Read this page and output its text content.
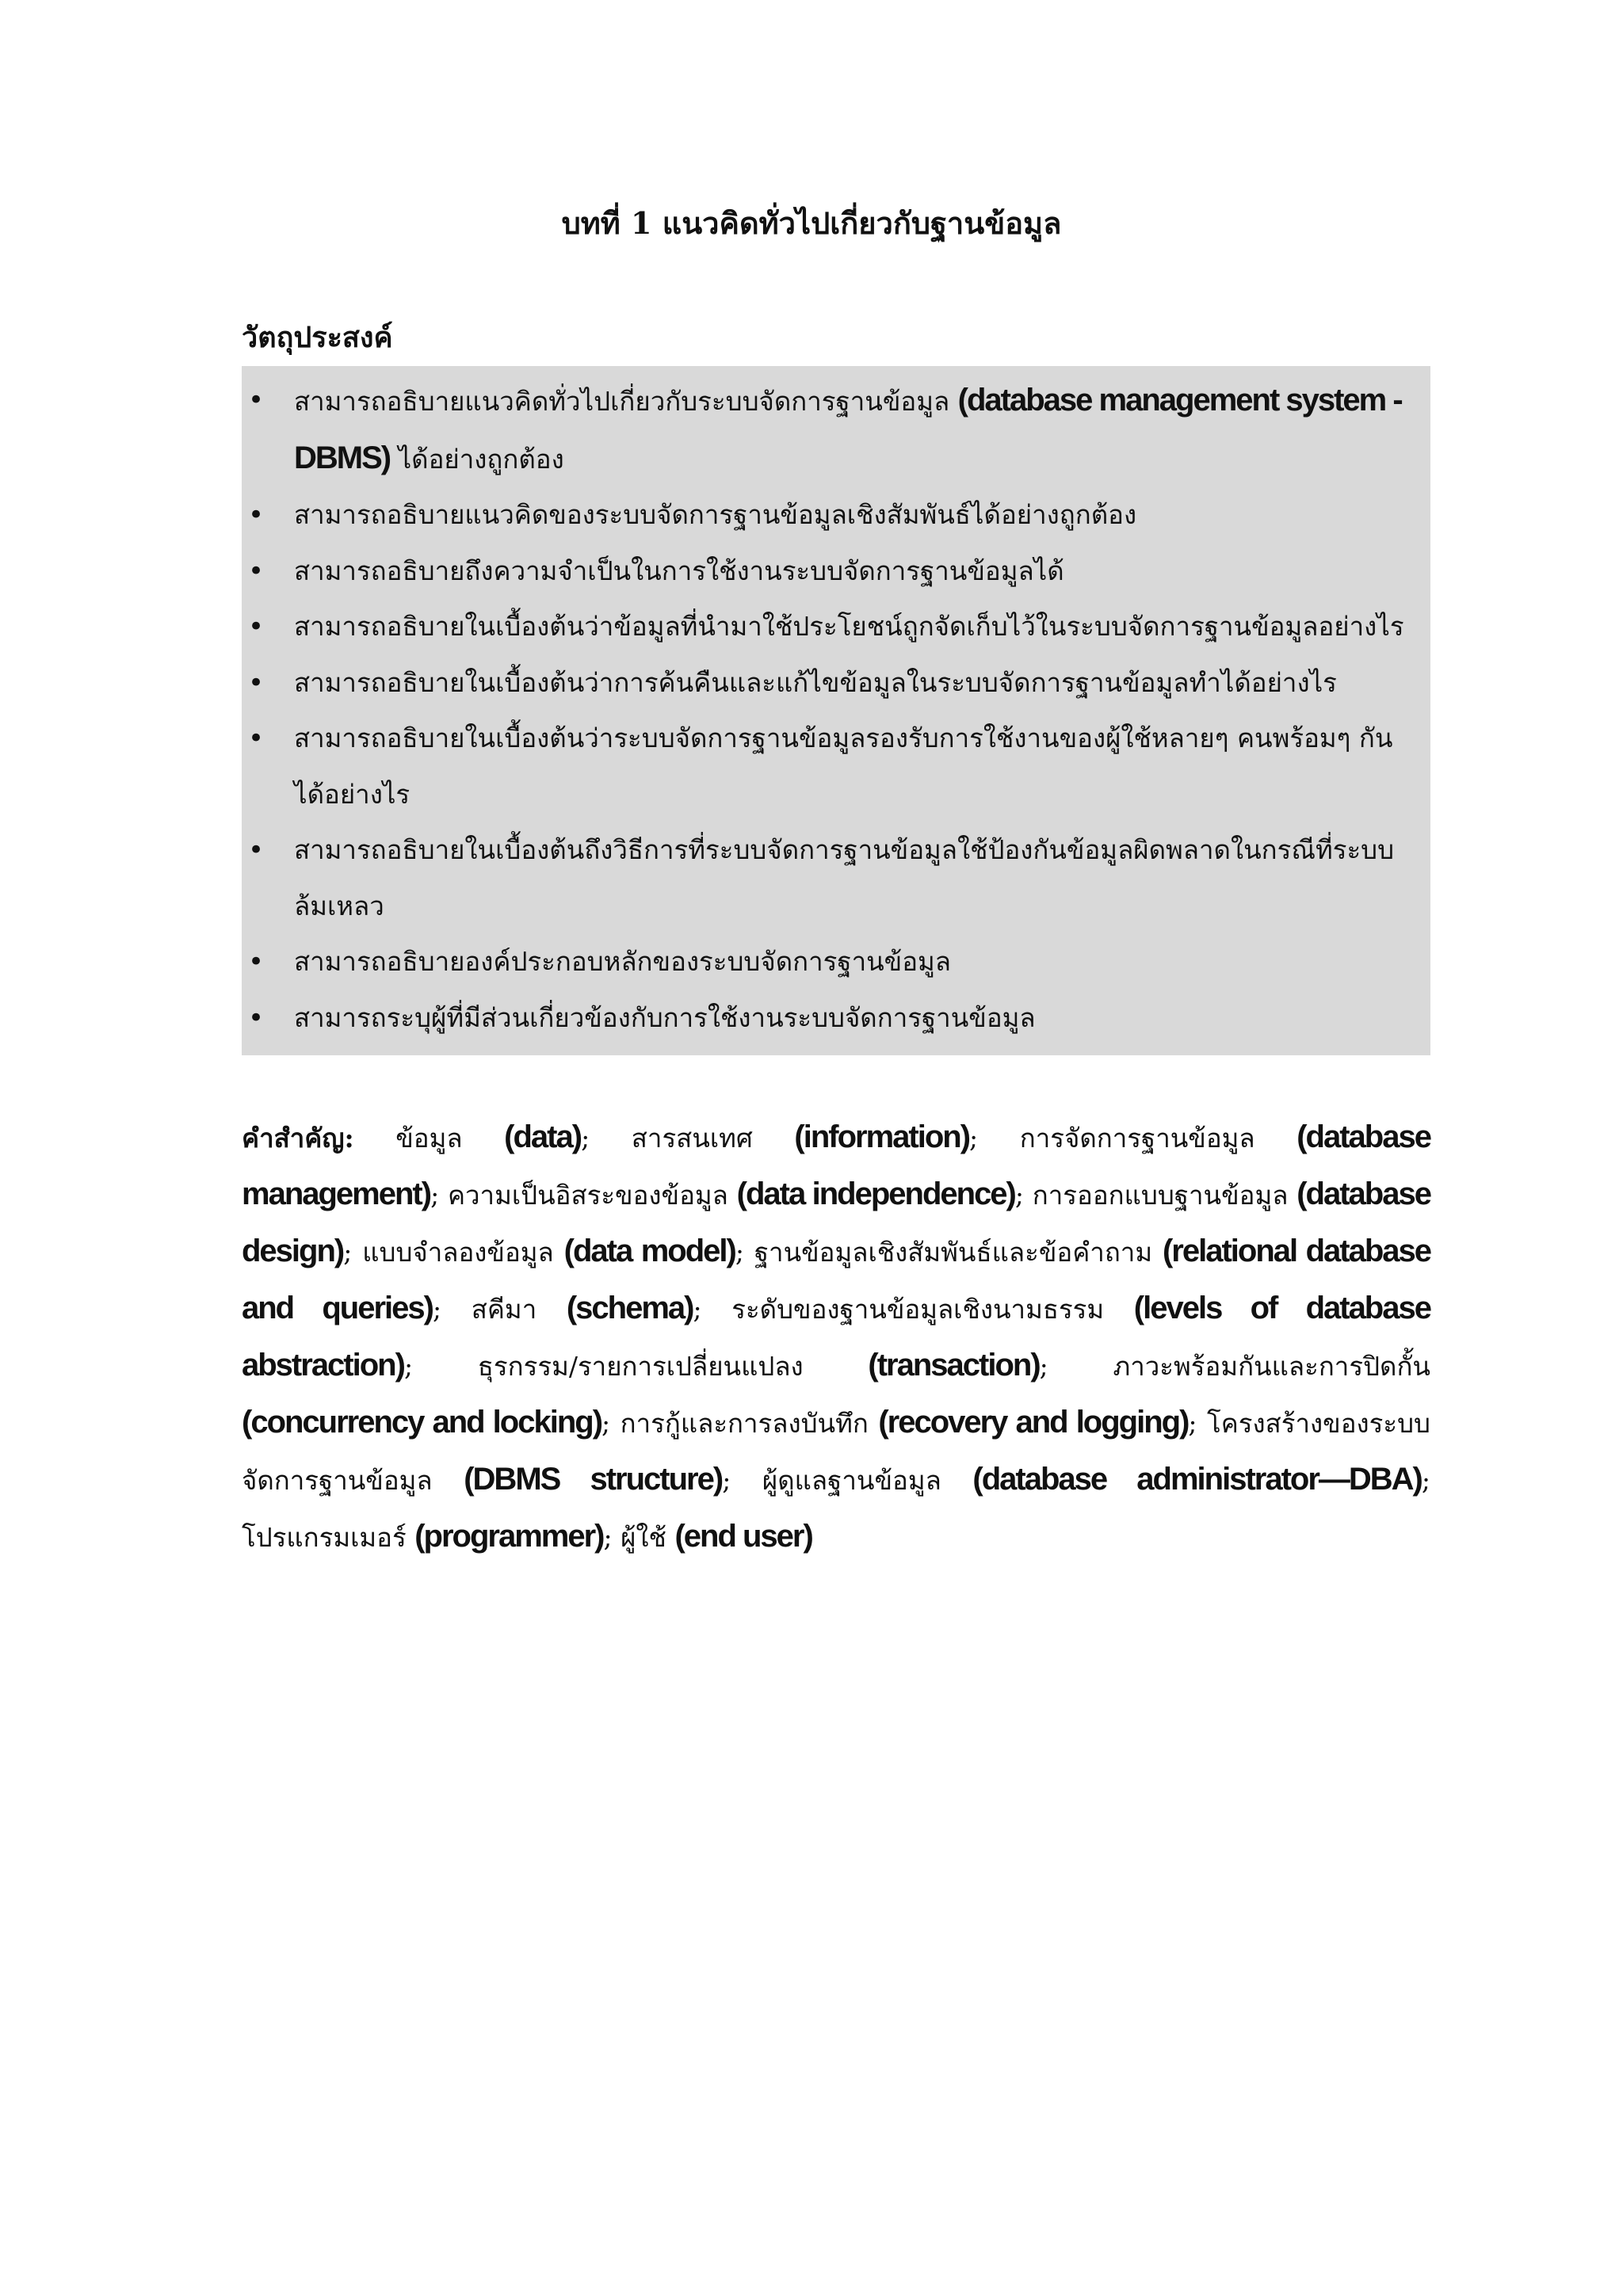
บทที่ 1 แนวคิดทั่วไปเกี่ยวกับฐานข้อมูล
วัตถุประสงค์
• สามารถอธิบายแนวคิดทั่วไปเกี่ยวกับระบบจัดการฐานข้อมูล (database management system - DBMS) ได้อย่างถูกต้อง
• สามารถอธิบายแนวคิดของระบบจัดการฐานข้อมูลเชิงสัมพันธ์ได้อย่างถูกต้อง
• สามารถอธิบายถึงความจำเป็นในการใช้งานระบบจัดการฐานข้อมูลได้
• สามารถอธิบายในเบื้องต้นว่าข้อมูลที่นำมาใช้ประโยชน์ถูกจัดเก็บไว้ในระบบจัดการฐานข้อมูลอย่างไร
• สามารถอธิบายในเบื้องต้นว่าการค้นคืนและแก้ไขข้อมูลในระบบจัดการฐานข้อมูลทำได้อย่างไร
• สามารถอธิบายในเบื้องต้นว่าระบบจัดการฐานข้อมูลรองรับการใช้งานของผู้ใช้หลายๆ คนพร้อมๆ กันได้อย่างไร
• สามารถอธิบายในเบื้องต้นถึงวิธีการที่ระบบจัดการฐานข้อมูลใช้ป้องกันข้อมูลผิดพลาดในกรณีที่ระบบล้มเหลว
• สามารถอธิบายองค์ประกอบหลักของระบบจัดการฐานข้อมูล
• สามารถระบุผู้ที่มีส่วนเกี่ยวข้องกับการใช้งานระบบจัดการฐานข้อมูล
คำสำคัญ: ข้อมูล (data); สารสนเทศ (information); การจัดการฐานข้อมูล (database management); ความเป็นอิสระของข้อมูล (data independence); การออกแบบฐานข้อมูล (database design); แบบจำลองข้อมูล (data model); ฐานข้อมูลเชิงสัมพันธ์และข้อคำถาม (relational database and queries); สคีมา (schema); ระดับของฐานข้อมูลเชิงนามธรรม (levels of database abstraction); ธุรกรรม/รายการเปลี่ยนแปลง (transaction); ภาวะพร้อมกันและการปิดกั้น (concurrency and locking); การกู้และการลงบันทึก (recovery and logging); โครงสร้างของระบบจัดการฐานข้อมูล (DBMS structure); ผู้ดูแลฐานข้อมูล (database administrator—DBA); โปรแกรมเมอร์ (programmer); ผู้ใช้ (end user)
